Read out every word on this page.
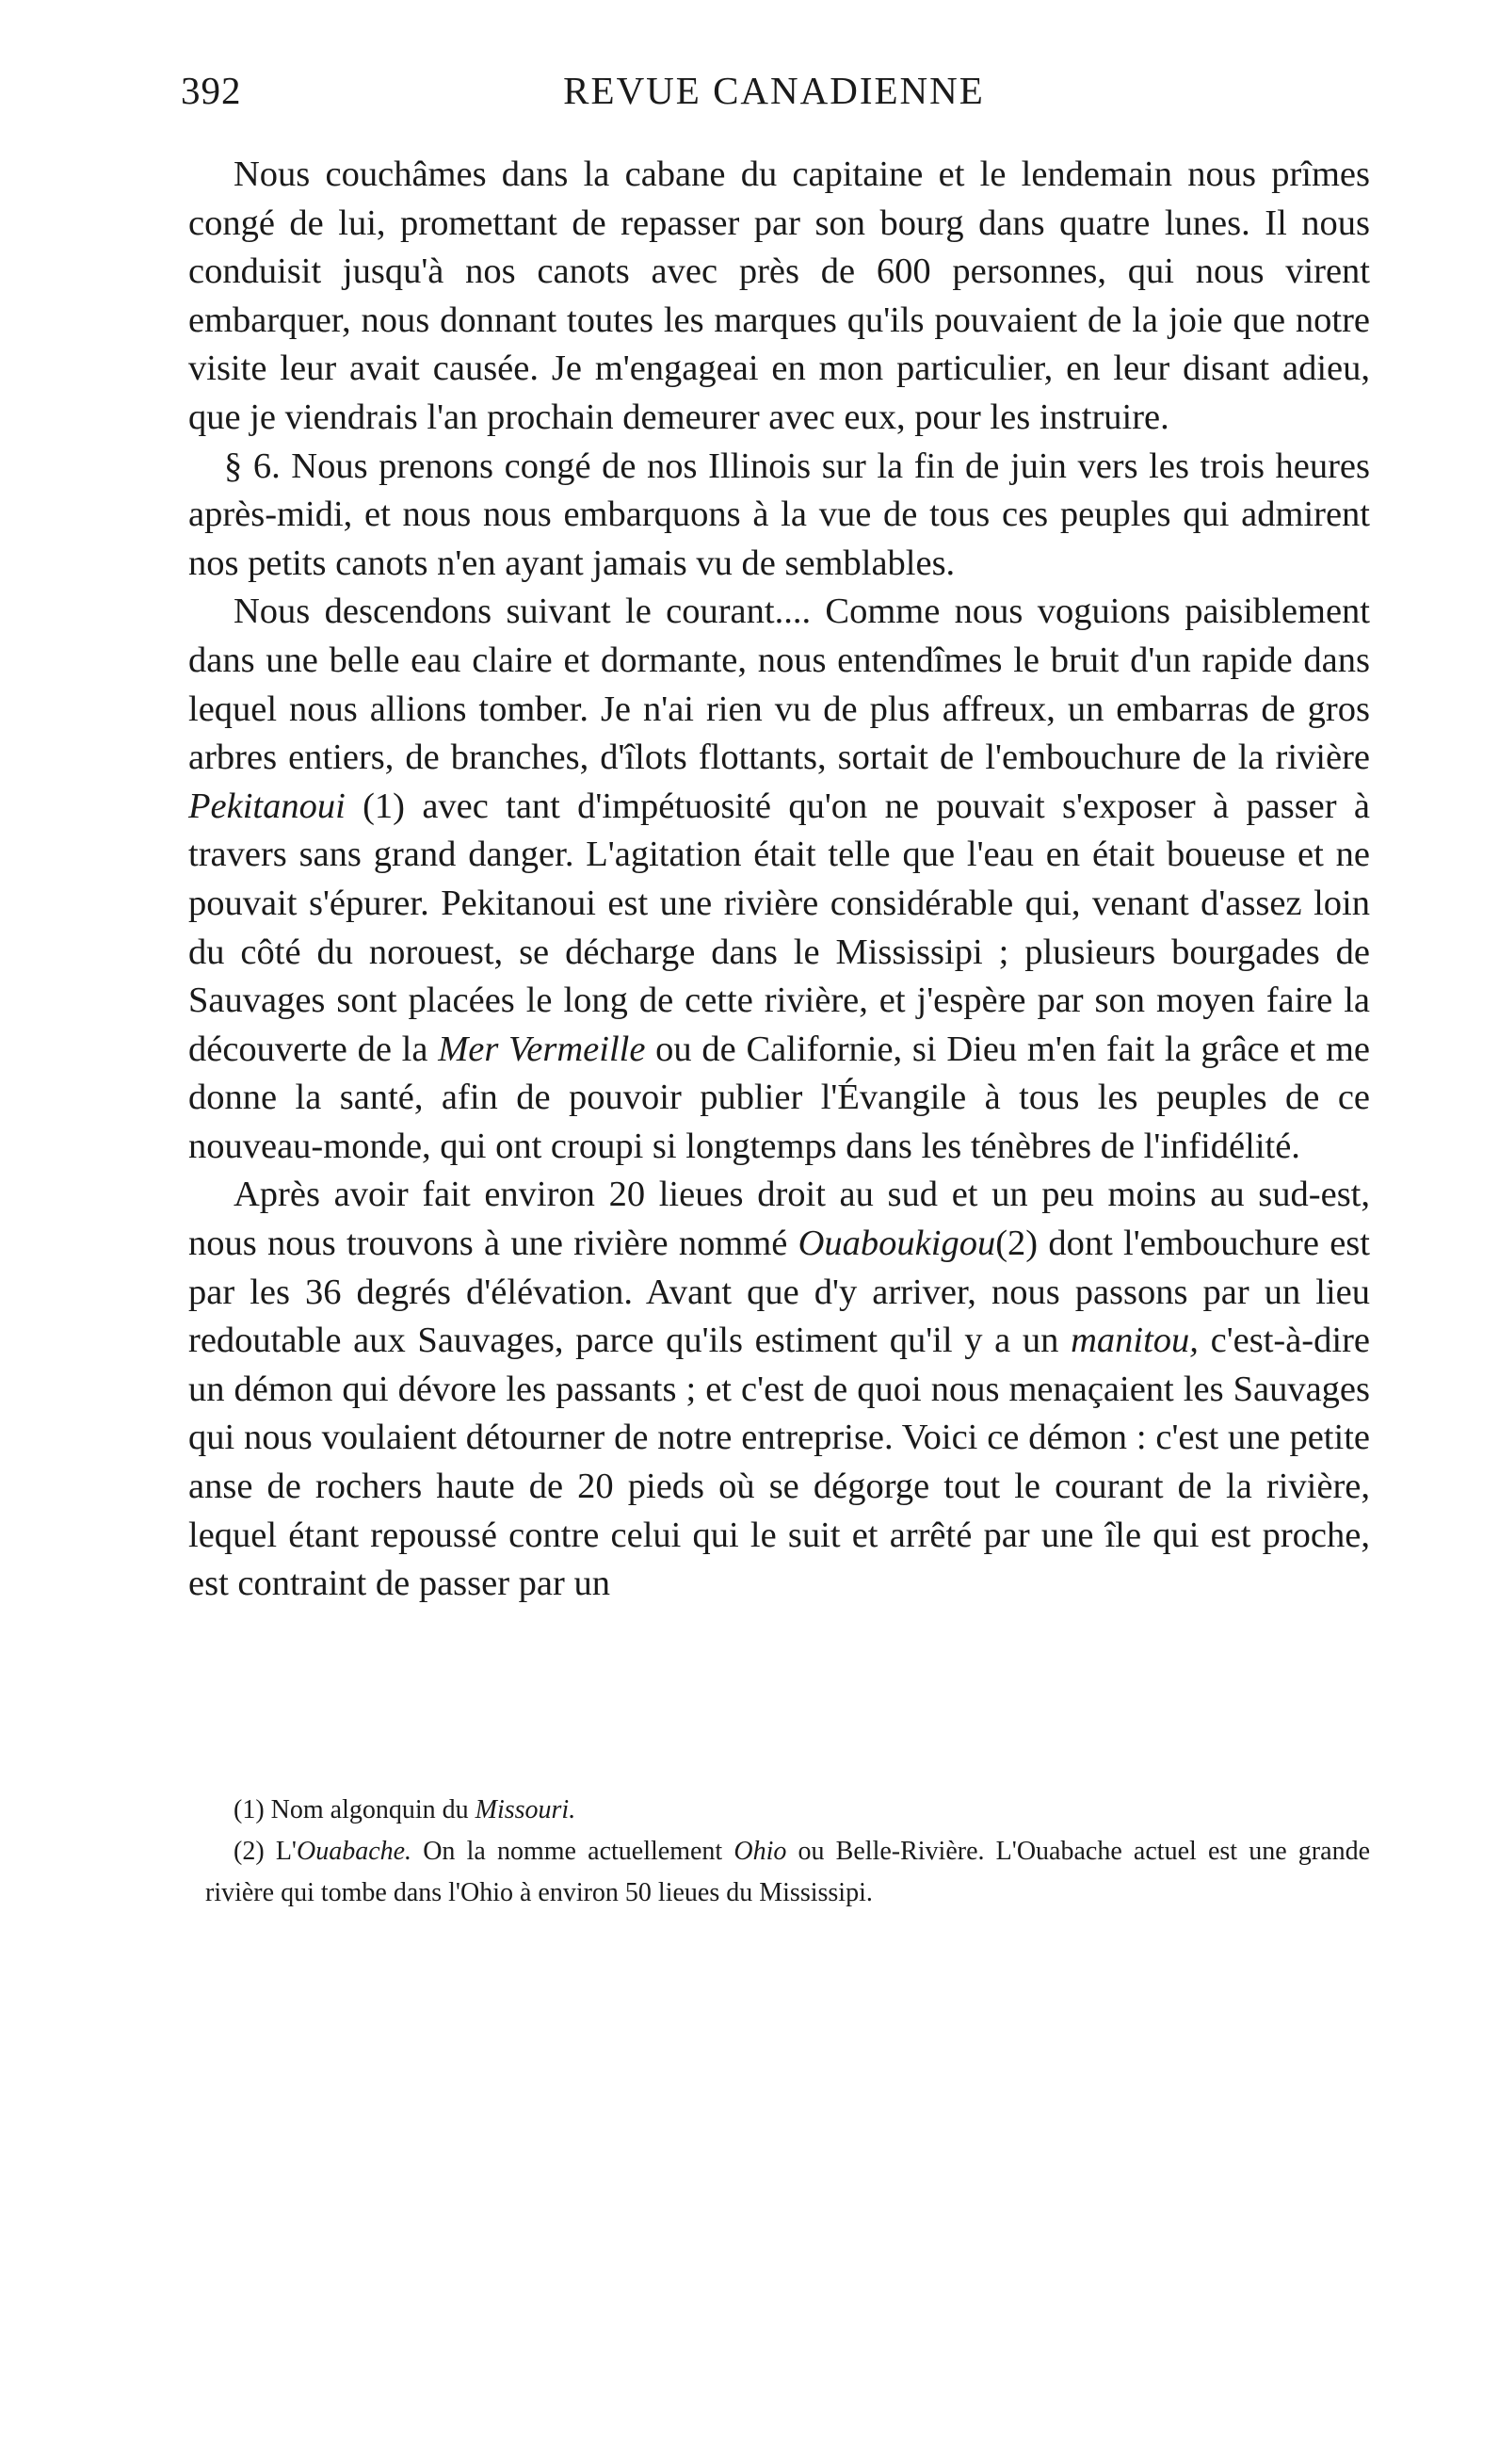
392	REVUE CANADIENNE

Nous couchâmes dans la cabane du capitaine et le lendemain nous prîmes congé de lui, promettant de repasser par son bourg dans quatre lunes. Il nous conduisit jusqu'à nos canots avec près de 600 personnes, qui nous virent embarquer, nous donnant toutes les marques qu'ils pouvaient de la joie que notre visite leur avait causée. Je m'engageai en mon particulier, en leur disant adieu, que je viendrais l'an prochain demeurer avec eux, pour les instruire.

§ 6. Nous prenons congé de nos Illinois sur la fin de juin vers les trois heures après-midi, et nous nous embarquons à la vue de tous ces peuples qui admirent nos petits canots n'en ayant jamais vu de semblables.

Nous descendons suivant le courant.... Comme nous voguions paisiblement dans une belle eau claire et dormante, nous entendîmes le bruit d'un rapide dans lequel nous allions tomber. Je n'ai rien vu de plus affreux, un embarras de gros arbres entiers, de branches, d'îlots flottants, sortait de l'embouchure de la rivière Pekitanoui (1) avec tant d'impétuosité qu'on ne pouvait s'exposer à passer à travers sans grand danger. L'agitation était telle que l'eau en était boueuse et ne pouvait s'épurer. Pekitanoui est une rivière considérable qui, venant d'assez loin du côté du norouest, se décharge dans le Mississipi ; plusieurs bourgades de Sauvages sont placées le long de cette rivière, et j'espère par son moyen faire la découverte de la Mer Vermeille ou de Californie, si Dieu m'en fait la grâce et me donne la santé, afin de pouvoir publier l'Évangile à tous les peuples de ce nouveau-monde, qui ont croupi si longtemps dans les ténèbres de l'infidélité.

Après avoir fait environ 20 lieues droit au sud et un peu moins au sud-est, nous nous trouvons à une rivière nommé Ouaboukigou(2) dont l'embouchure est par les 36 degrés d'élévation. Avant que d'y arriver, nous passons par un lieu redoutable aux Sauvages, parce qu'ils estiment qu'il y a un manitou, c'est-à-dire un démon qui dévore les passants ; et c'est de quoi nous menaçaient les Sauvages qui nous voulaient détourner de notre entreprise. Voici ce démon : c'est une petite anse de rochers haute de 20 pieds où se dégorge tout le courant de la rivière, lequel étant repoussé contre celui qui le suit et arrêté par une île qui est proche, est contraint de passer par un

(1) Nom algonquin du Missouri.

(2) L'Ouabache. On la nomme actuellement Ohio ou Belle-Rivière. L'Ouabache actuel est une grande rivière qui tombe dans l'Ohio à environ 50 lieues du Mississipi.
